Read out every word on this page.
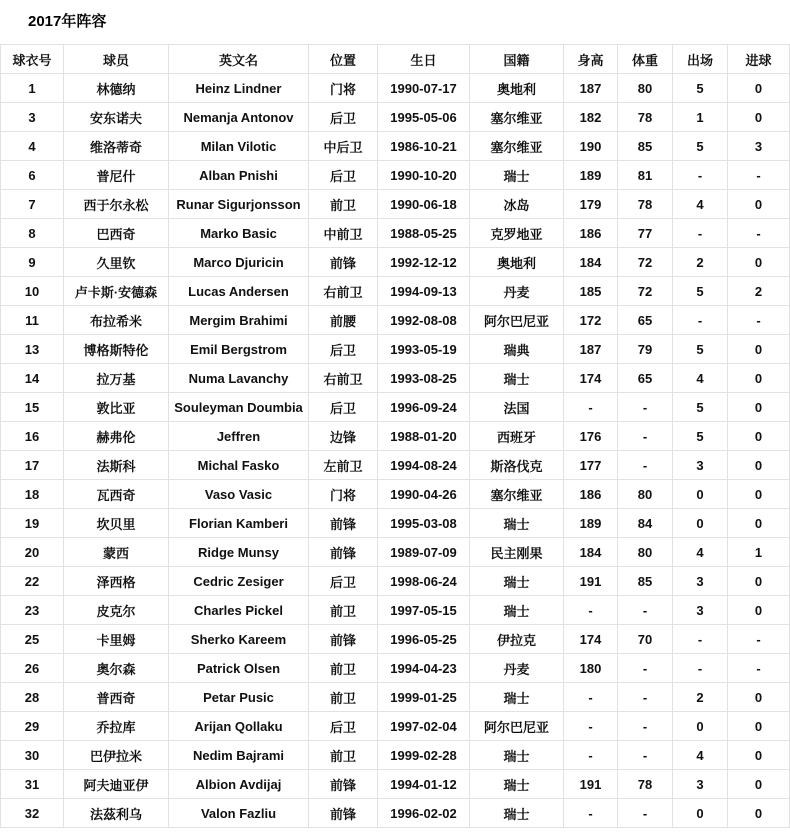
2017年阵容
球衣号	球员	英文名	位置	生日	国籍	身高	体重	出场	进球
1	林德纳	Heinz Lindner	门将	1990-07-17	奥地利	187	80	5	0
3	安东诺夫	Nemanja Antonov	后卫	1995-05-06	塞尔维亚	182	78	1	0
4	维洛蒂奇	Milan Vilotic	中后卫	1986-10-21	塞尔维亚	190	85	5	3
6	普尼什	Alban Pnishi	后卫	1990-10-20	瑞士	189	81	-	-
7	西于尔永松	Runar Sigurjonsson	前卫	1990-06-18	冰岛	179	78	4	0
8	巴西奇	Marko Basic	中前卫	1988-05-25	克罗地亚	186	77	-	-
9	久里钦	Marco Djuricin	前锋	1992-12-12	奥地利	184	72	2	0
10	卢卡斯·安德森	Lucas Andersen	右前卫	1994-09-13	丹麦	185	72	5	2
11	布拉希米	Mergim Brahimi	前腰	1992-08-08	阿尔巴尼亚	172	65	-	-
13	博格斯特伦	Emil Bergstrom	后卫	1993-05-19	瑞典	187	79	5	0
14	拉万基	Numa Lavanchy	右前卫	1993-08-25	瑞士	174	65	4	0
15	敦比亚	Souleyman Doumbia	后卫	1996-09-24	法国	-	-	5	0
16	赫弗伦	Jeffren	边锋	1988-01-20	西班牙	176	-	5	0
17	法斯科	Michal Fasko	左前卫	1994-08-24	斯洛伐克	177	-	3	0
18	瓦西奇	Vaso Vasic	门将	1990-04-26	塞尔维亚	186	80	0	0
19	坎贝里	Florian Kamberi	前锋	1995-03-08	瑞士	189	84	0	0
20	蒙西	Ridge Munsy	前锋	1989-07-09	民主刚果	184	80	4	1
22	泽西格	Cedric Zesiger	后卫	1998-06-24	瑞士	191	85	3	0
23	皮克尔	Charles Pickel	前卫	1997-05-15	瑞士	-	-	3	0
25	卡里姆	Sherko Kareem	前锋	1996-05-25	伊拉克	174	70	-	-
26	奥尔森	Patrick Olsen	前卫	1994-04-23	丹麦	180	-	-	-
28	普西奇	Petar Pusic	前卫	1999-01-25	瑞士	-	-	2	0
29	乔拉库	Arijan Qollaku	后卫	1997-02-04	阿尔巴尼亚	-	-	0	0
30	巴伊拉米	Nedim Bajrami	前卫	1999-02-28	瑞士	-	-	4	0
31	阿夫迪亚伊	Albion Avdijaj	前锋	1994-01-12	瑞士	191	78	3	0
32	法茲利乌	Valon Fazliu	前锋	1996-02-02	瑞士	-	-	0	0
